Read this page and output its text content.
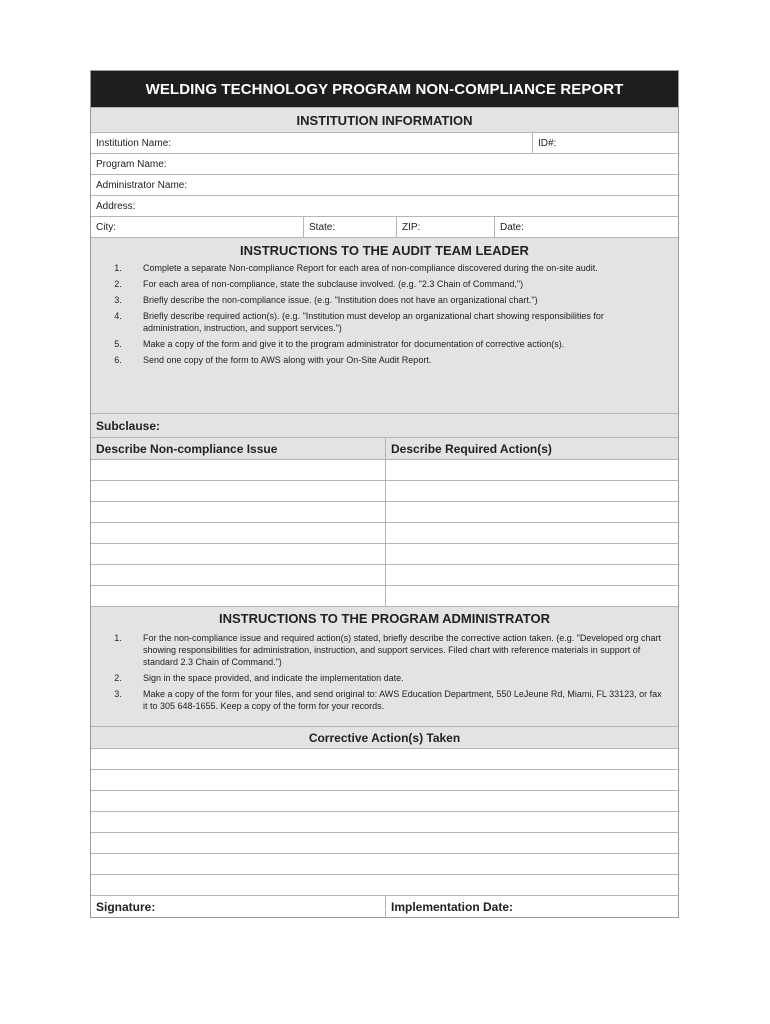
WELDING TECHNOLOGY PROGRAM NON-COMPLIANCE REPORT
INSTITUTION INFORMATION
Institution Name:	ID#:
Program Name:
Administrator Name:
Address:
City:	State:	ZIP:	Date:
INSTRUCTIONS TO THE AUDIT TEAM LEADER
1.	Complete a separate Non-compliance Report for each area of non-compliance discovered during the on-site audit.
2.	For each area of non-compliance, state the subclause involved. (e.g. "2.3 Chain of Command,")
3.	Briefly describe the non-compliance issue. (e.g. "Institution does not have an organizational chart.")
4.	Briefly describe required action(s). (e.g. "Institution must develop an organizational chart showing responsibilities for administration, instruction, and support services.")
5.	Make a copy of the form and give it to the program administrator for documentation of corrective action(s).
6.	Send one copy of the form to AWS along with your On-Site Audit Report.
Subclause:
Describe Non-compliance Issue	Describe Required Action(s)
INSTRUCTIONS TO THE PROGRAM ADMINISTRATOR
1.	For the non-compliance issue and required action(s) stated, briefly describe the corrective action taken. (e.g. "Developed org chart showing responsibilities for administration, instruction, and support services. Filed chart with reference materials in support of standard 2.3 Chain of Command.")
2.	Sign in the space provided, and indicate the implementation date.
3.	Make a copy of the form for your files, and send original to: AWS Education Department, 550 LeJeune Rd, Miami, FL 33123, or fax it to 305 648-1655. Keep a copy of the form for your records.
Corrective Action(s) Taken
Signature:	Implementation Date:
